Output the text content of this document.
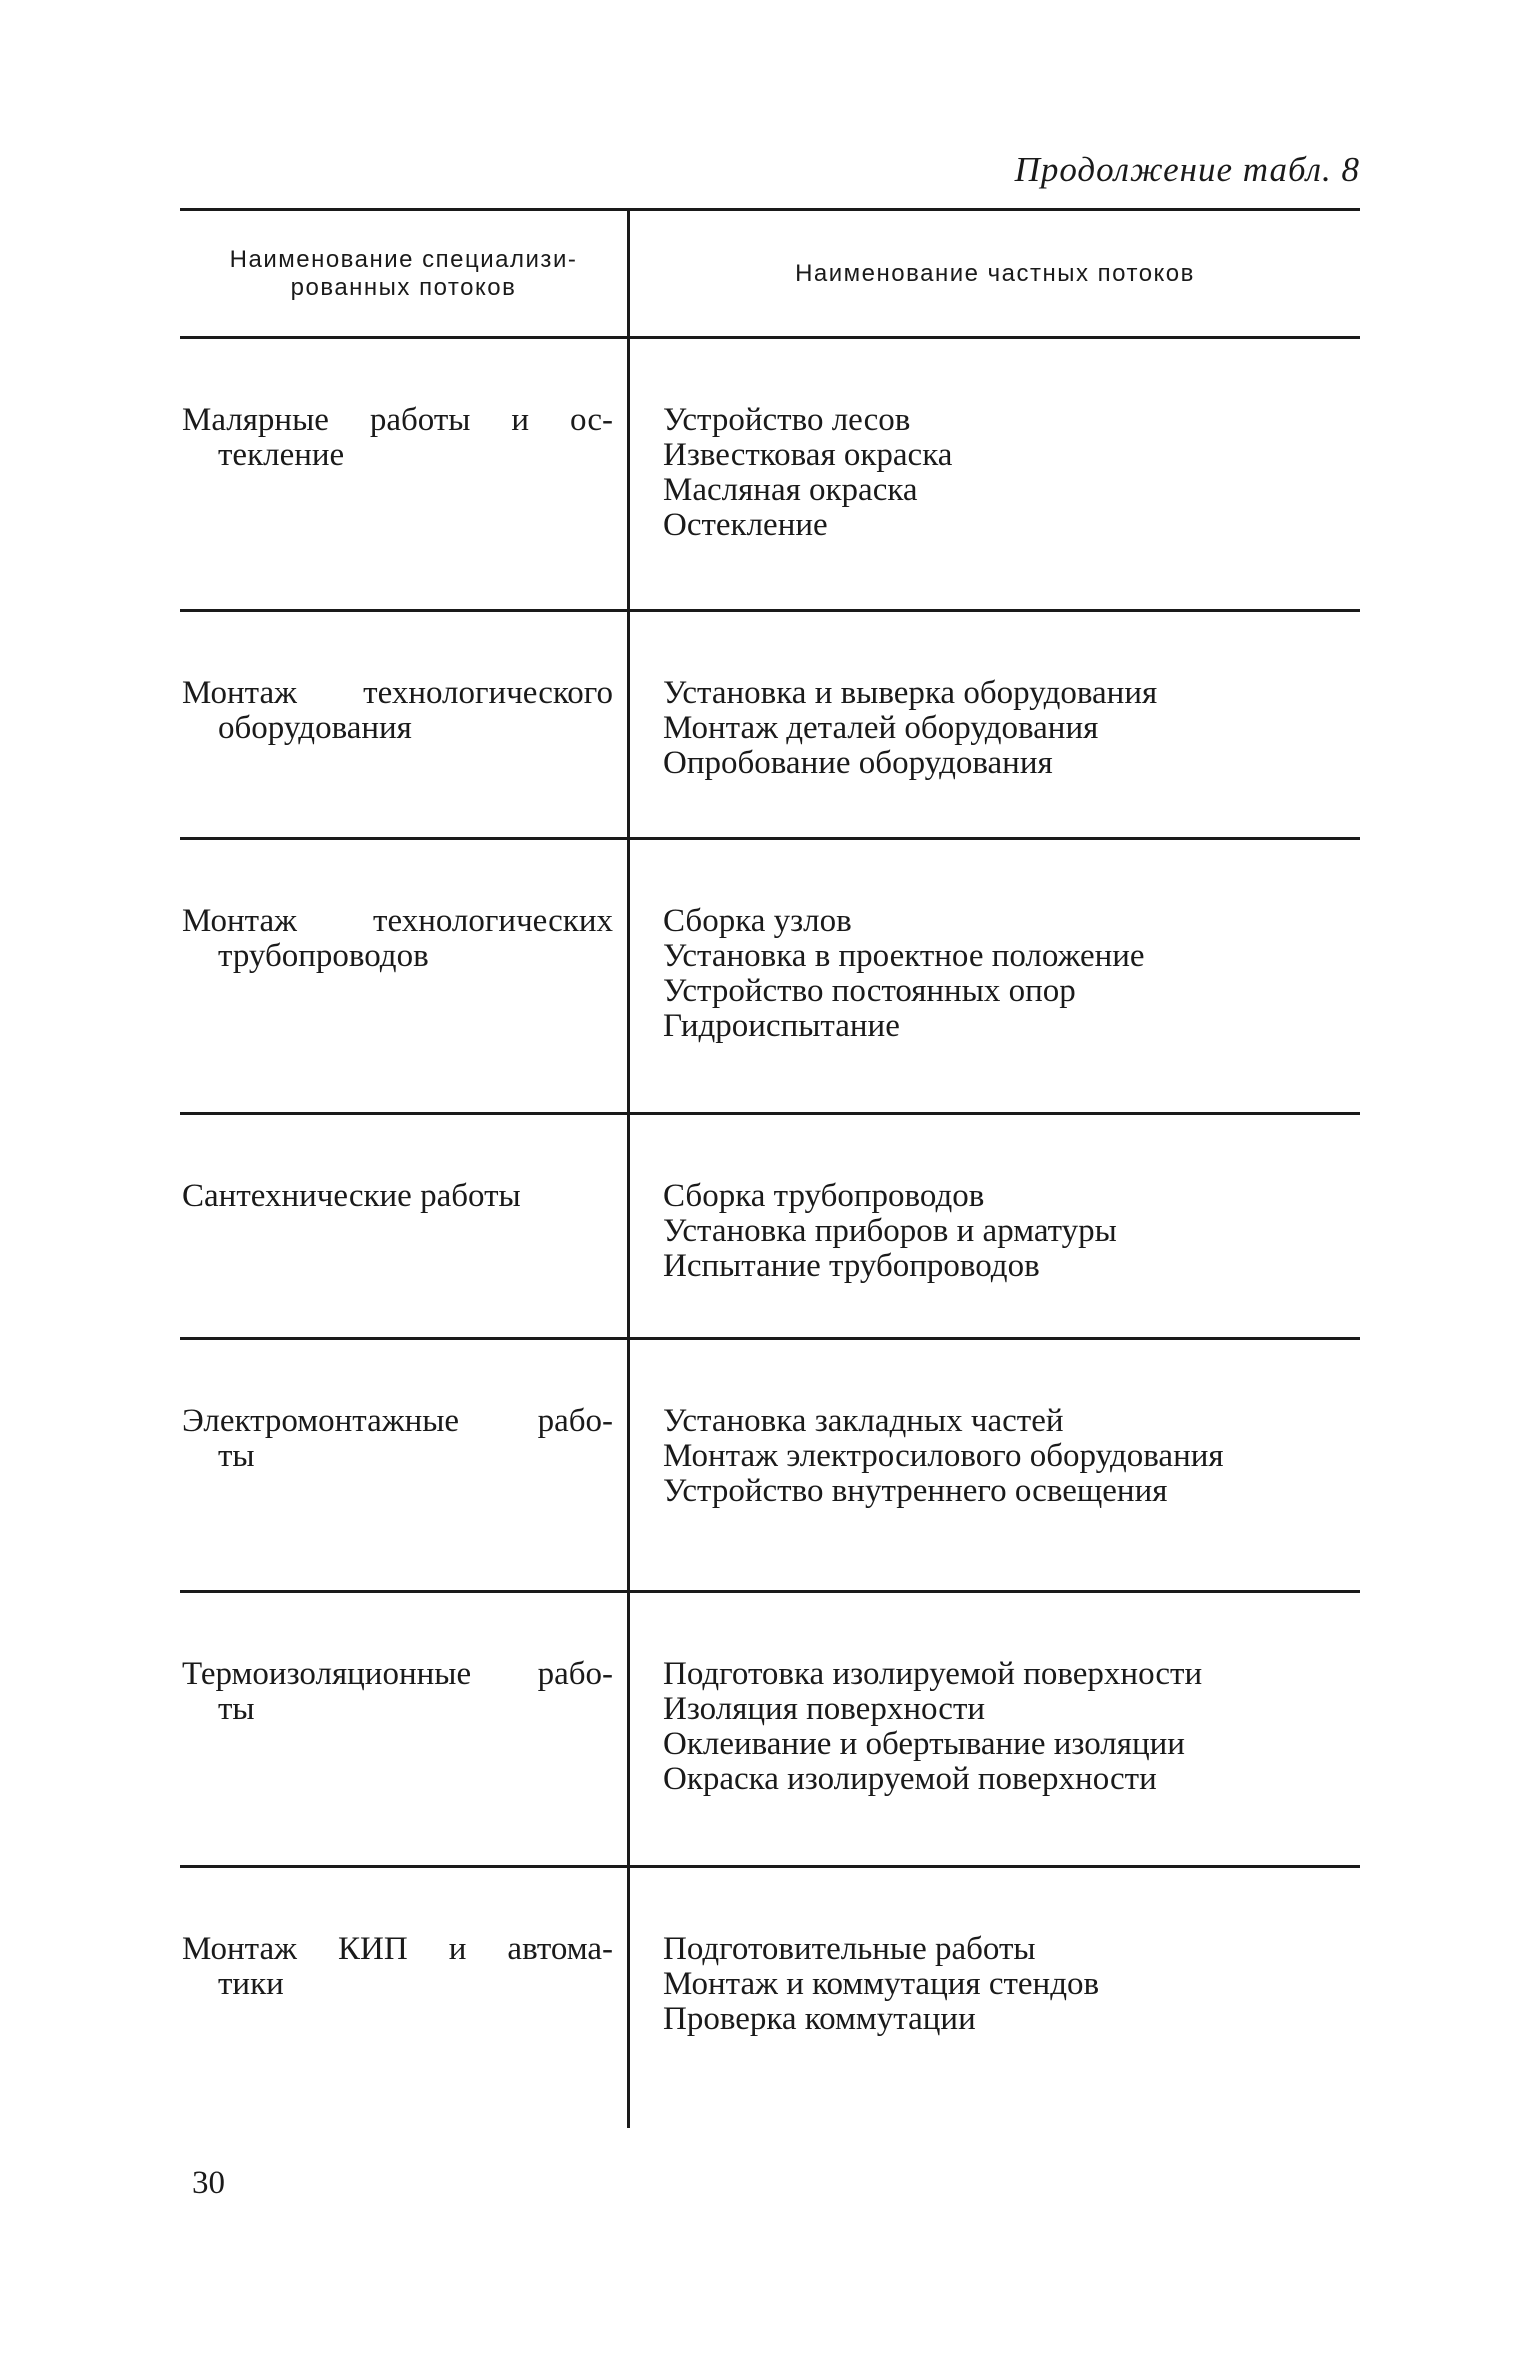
Продолжение табл. 8
Наименование специализи-
рованных потоков
Наименование частных потоков
Малярные работы и ос-
текление
Устройство лесов
Известковая окраска
Масляная окраска
Остекление
Монтаж технологического
оборудования
Установка и выверка оборудования
Монтаж деталей оборудования
Опробование оборудования
Монтаж технологических
трубопроводов
Сборка узлов
Установка в проектное положение
Устройство постоянных опор
Гидроиспытание
Сантехнические работы	Сборка трубопроводов
Установка приборов и арматуры
Испытание трубопроводов
Электромонтажные рабо-
ты
Установка закладных частей
Монтаж электросилового оборудования
Устройство внутреннего освещения
Термоизоляционные рабо-
ты
Подготовка изолируемой поверхности
Изоляция поверхности
Оклеивание и обертывание изоляции
Окраска изолируемой поверхности
Монтаж КИП и автома-
тики
Подготовительные работы
Монтаж и коммутация стендов
Проверка коммутации
30
